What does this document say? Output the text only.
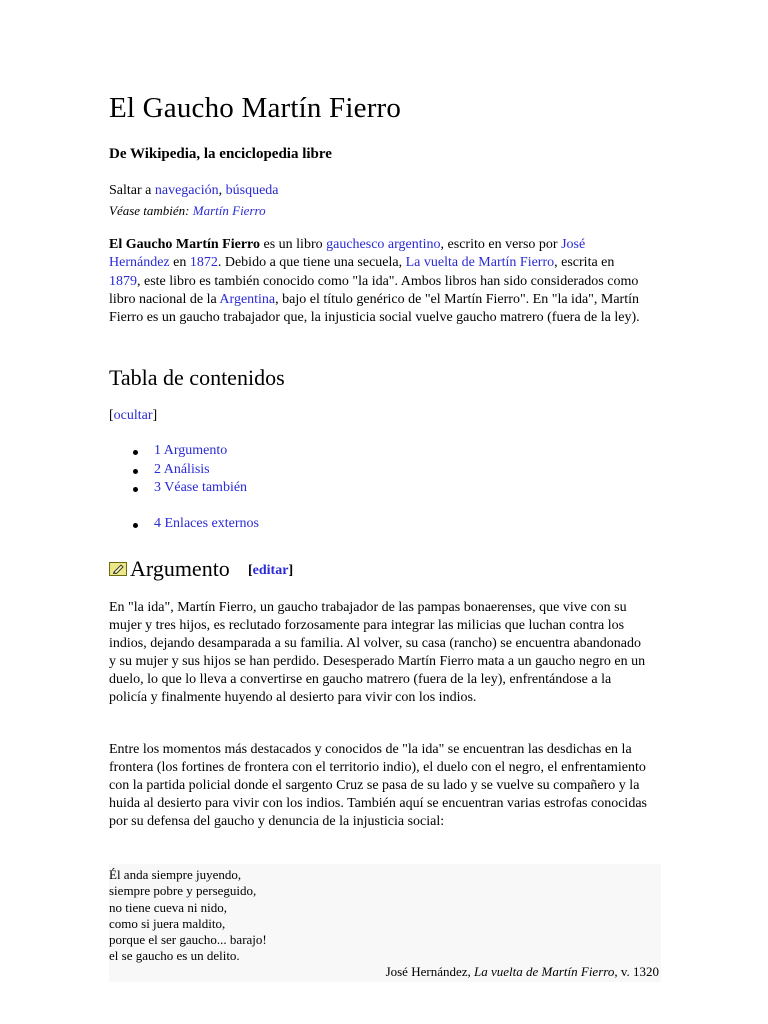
El Gaucho Martín Fierro
De Wikipedia, la enciclopedia libre
Saltar a navegación, búsqueda
Véase también: Martín Fierro
El Gaucho Martín Fierro es un libro gauchesco argentino, escrito en verso por José Hernández en 1872. Debido a que tiene una secuela, La vuelta de Martín Fierro, escrita en 1879, este libro es también conocido como "la ida". Ambos libros han sido considerados como libro nacional de la Argentina, bajo el título genérico de "el Martín Fierro". En "la ida", Martín Fierro es un gaucho trabajador que, la injusticia social vuelve gaucho matrero (fuera de la ley).
Tabla de contenidos
[ocultar]
1 Argumento
2 Análisis
3 Véase también
4 Enlaces externos
Argumento [editar]
En "la ida", Martín Fierro, un gaucho trabajador de las pampas bonaerenses, que vive con su mujer y tres hijos, es reclutado forzosamente para integrar las milicias que luchan contra los indios, dejando desamparada a su familia. Al volver, su casa (rancho) se encuentra abandonado y su mujer y sus hijos se han perdido. Desesperado Martín Fierro mata a un gaucho negro en un duelo, lo que lo lleva a convertirse en gaucho matrero (fuera de la ley), enfrentándose a la policía y finalmente huyendo al desierto para vivir con los indios.
Entre los momentos más destacados y conocidos de "la ida" se encuentran las desdichas en la frontera (los fortines de frontera con el territorio indio), el duelo con el negro, el enfrentamiento con la partida policial donde el sargento Cruz se pasa de su lado y se vuelve su compañero y la huida al desierto para vivir con los indios. También aquí se encuentran varias estrofas conocidas por su defensa del gaucho y denuncia de la injusticia social:
Él anda siempre juyendo,
siempre pobre y perseguido,
no tiene cueva ni nido,
como si juera maldito,
porque el ser gaucho... barajo!
el se gaucho es un delito.
José Hernández, La vuelta de Martín Fierro, v. 1320
